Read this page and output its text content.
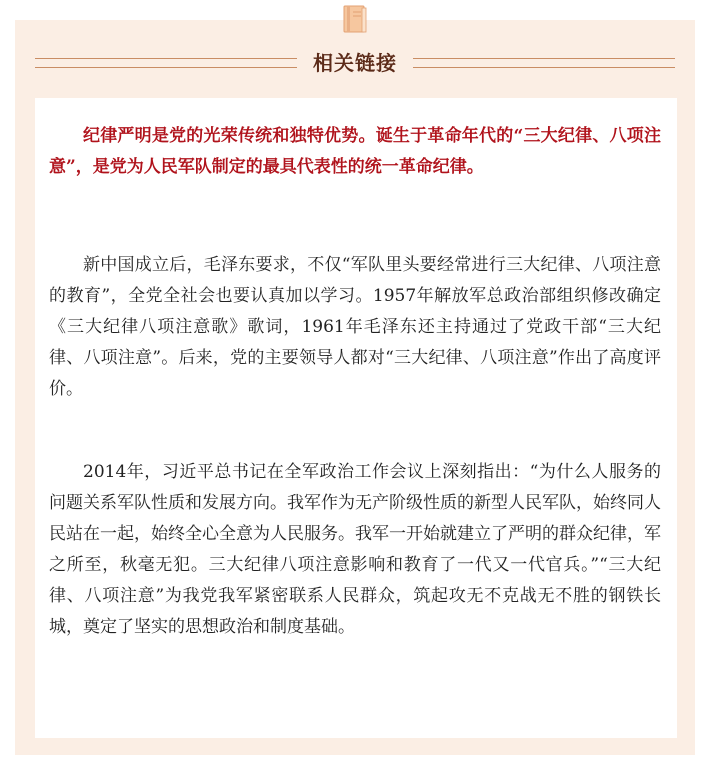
相关链接

纪律严明是党的光荣传统和独特优势。诞生于革命年代的“三大纪律、八项注意”，是党为人民军队制定的最具代表性的统一革命纪律。

新中国成立后，毛泽东要求，不仅“军队里头要经常进行三大纪律、八项注意的教育”，全党全社会也要认真加以学习。1957年解放军总政治部组织修改确定《三大纪律八项注意歌》歌词，1961年毛泽东还主持通过了党政干部“三大纪律、八项注意”。后来，党的主要领导人都对“三大纪律、八项注意”作出了高度评价。

2014年，习近平总书记在全军政治工作会议上深刻指出：“为什么人服务的问题关系军队性质和发展方向。我军作为无产阶级性质的新型人民军队，始终同人民站在一起，始终全心全意为人民服务。我军一开始就建立了严明的群众纪律，军之所至，秋毫无犯。三大纪律八项注意影响和教育了一代又一代官兵。”“三大纪律、八项注意”为我党我军紧密联系人民群众，筑起攻无不克战无不胜的钢铁长城，奠定了坚实的思想政治和制度基础。
